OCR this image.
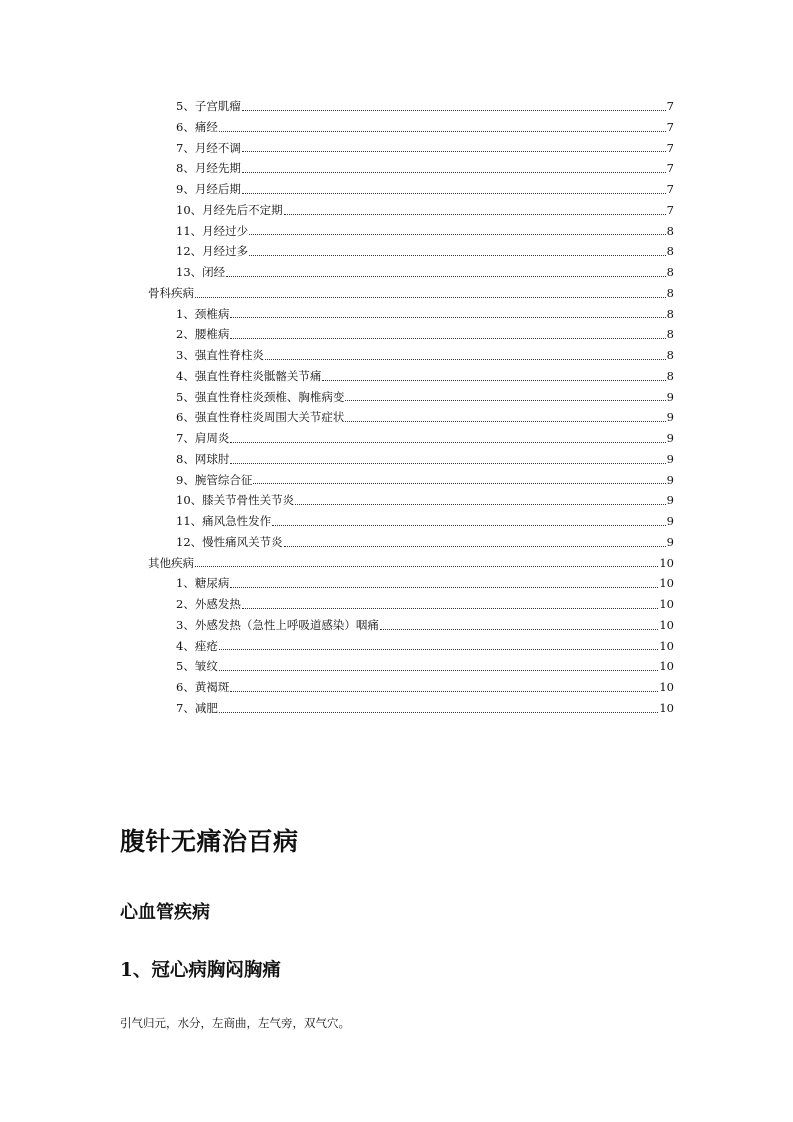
5、子宫肌瘤	7
6、痛经	7
7、月经不调	7
8、月经先期	7
9、月经后期	7
10、月经先后不定期	7
11、月经过少	8
12、月经过多	8
13、闭经	8
骨科疾病	8
1、颈椎病	8
2、腰椎病	8
3、强直性脊柱炎	8
4、强直性脊柱炎骶髂关节痛	8
5、强直性脊柱炎颈椎、胸椎病变	9
6、强直性脊柱炎周围大关节症状	9
7、肩周炎	9
8、网球肘	9
9、腕管综合征	9
10、膝关节骨性关节炎	9
11、痛风急性发作	9
12、慢性痛风关节炎	9
其他疾病	10
1、糖尿病	10
2、外感发热	10
3、外感发热（急性上呼吸道感染）咽痛	10
4、痤疮	10
5、皱纹	10
6、黄褐斑	10
7、减肥	10
腹针无痛治百病
心血管疾病
1、冠心病胸闷胸痛

引气归元，水分，左商曲，左气旁，双气穴。
